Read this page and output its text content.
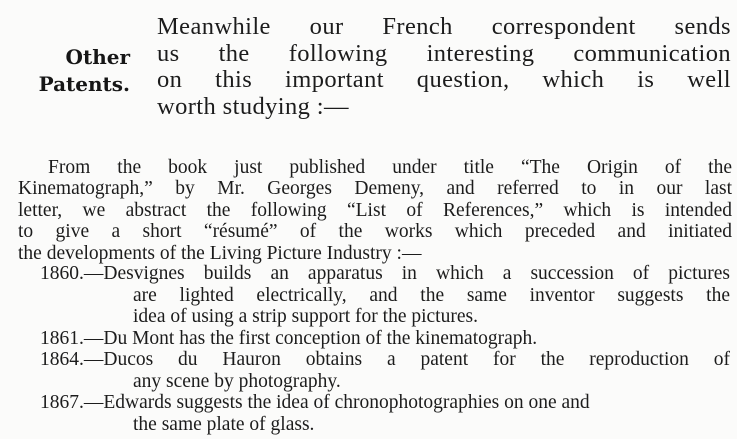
Other
Patents.
Meanwhile our French correspondent sends
us the following interesting communication
on this important question, which is well
worth studying :—
From the book just published under title “The Origin of the
Kinematograph,” by Mr. Georges Demeny, and referred to in our last
letter, we abstract the following “List of References,” which is intended
to give a short “résumé” of the works which preceded and initiated
the developments of the Living Picture Industry :—
1860.—Desvignes builds an apparatus in which a succession of pictures
are lighted electrically, and the same inventor suggests the
idea of using a strip support for the pictures.
1861.—Du Mont has the first conception of the kinematograph.
1864.—Ducos du Hauron obtains a patent for the reproduction of
any scene by photography.
1867.—Edwards suggests the idea of chronophotographies on one and
the same plate of glass.
